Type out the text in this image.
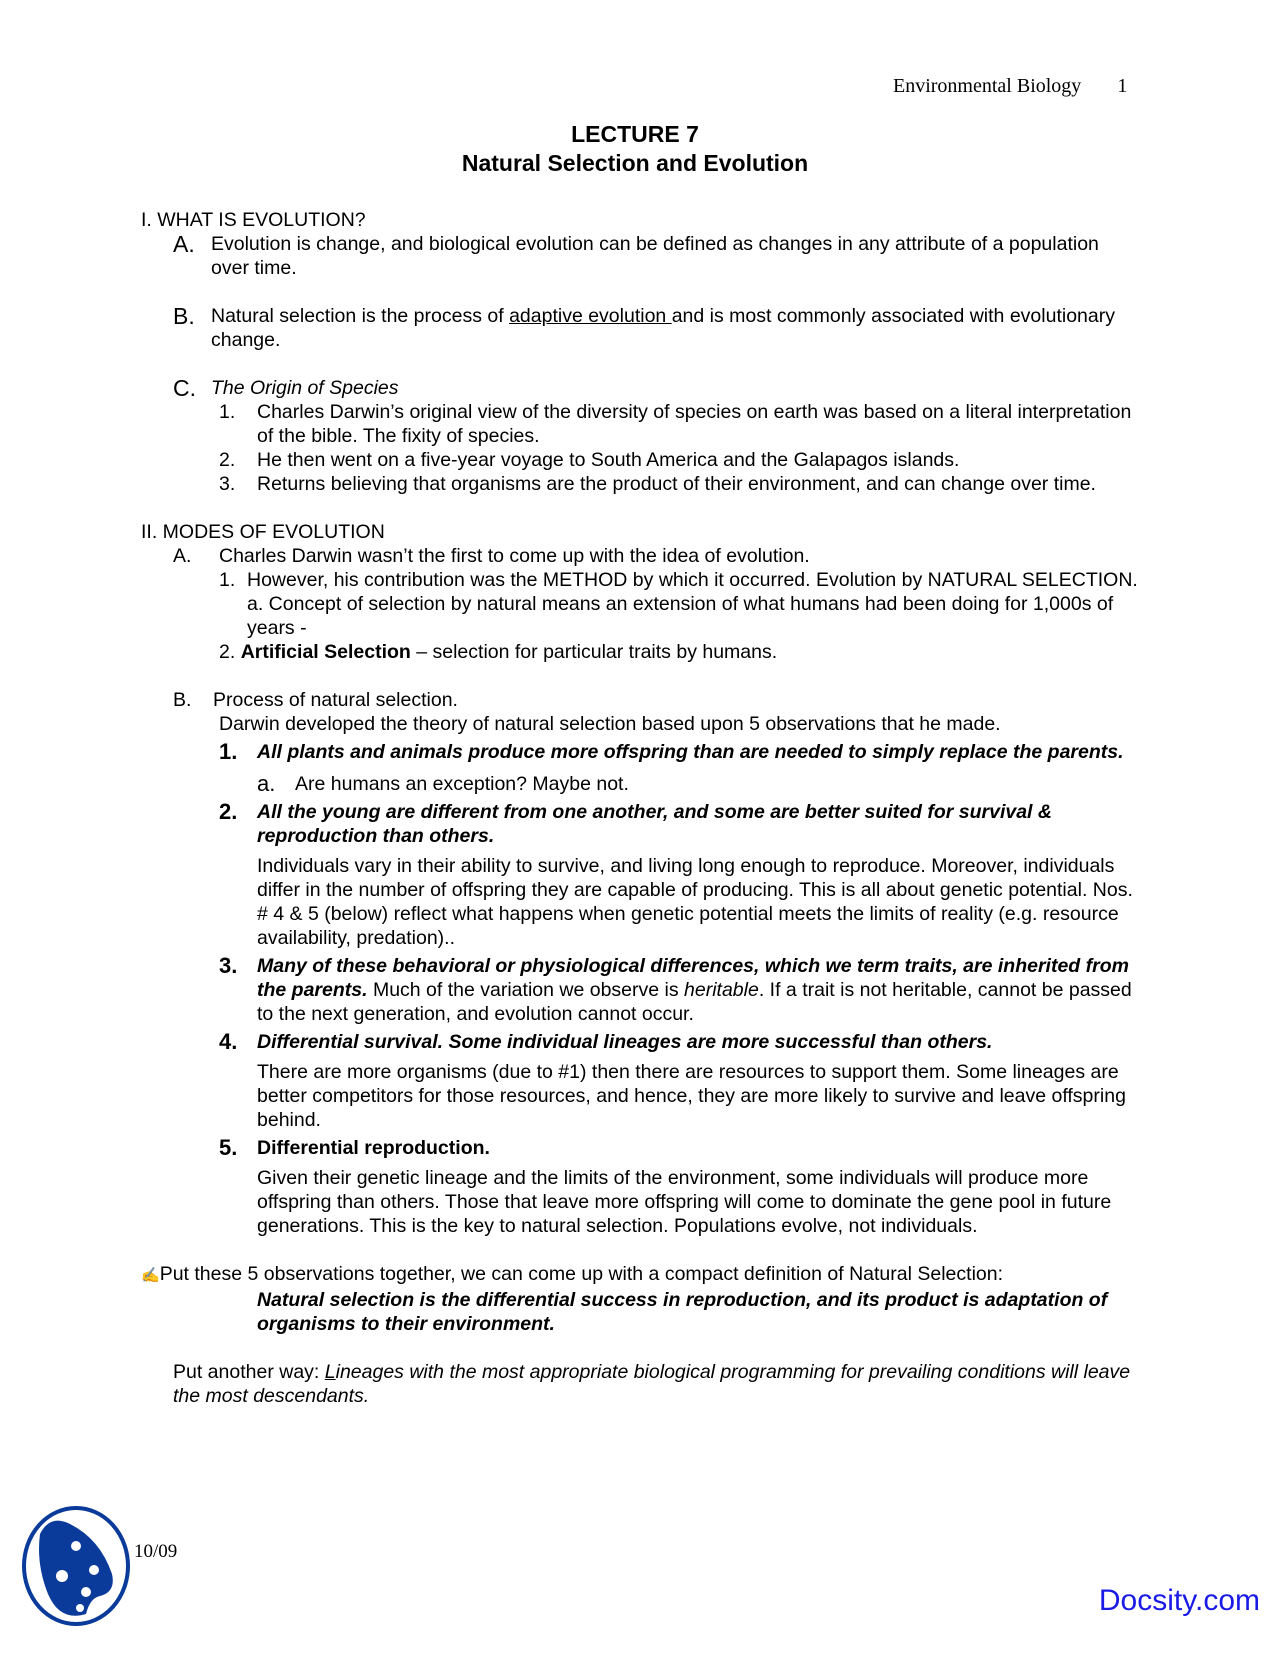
Environmental Biology 1
LECTURE 7
Natural Selection and Evolution
I. WHAT IS EVOLUTION?
A. Evolution is change, and biological evolution can be defined as changes in any attribute of a population over time.
B. Natural selection is the process of adaptive evolution and is most commonly associated with evolutionary change.
C. The Origin of Species
1.	Charles Darwin’s original view of the diversity of species on earth was based on a literal interpretation of the bible. The fixity of species.
2.	He then went on a five-year voyage to South America and the Galapagos islands.
3.	Returns believing that organisms are the product of their environment, and can change over time.
II. MODES OF EVOLUTION
A.	Charles Darwin wasn’t the first to come up with the idea of evolution.
1. However, his contribution was the METHOD by which it occurred. Evolution by NATURAL SELECTION.
a. Concept of selection by natural means an extension of what humans had been doing for 1,000s of years -
2. Artificial Selection – selection for particular traits by humans.
B.	Process of natural selection.
Darwin developed the theory of natural selection based upon 5 observations that he made.
1.	All plants and animals produce more offspring than are needed to simply replace the parents.
a.	Are humans an exception? Maybe not.
2.	All the young are different from one another, and some are better suited for survival & reproduction than others.
Individuals vary in their ability to survive, and living long enough to reproduce. Moreover, individuals differ in the number of offspring they are capable of producing. This is all about genetic potential. Nos. # 4 & 5 (below) reflect what happens when genetic potential meets the limits of reality (e.g. resource availability, predation)..
3.	Many of these behavioral or physiological differences, which we term traits, are inherited from the parents. Much of the variation we observe is heritable. If a trait is not heritable, cannot be passed to the next generation, and evolution cannot occur.
4.	Differential survival. Some individual lineages are more successful than others.
There are more organisms (due to #1) then there are resources to support them. Some lineages are better competitors for those resources, and hence, they are more likely to survive and leave offspring behind.
5.	Differential reproduction.
Given their genetic lineage and the limits of the environment, some individuals will produce more offspring than others. Those that leave more offspring will come to dominate the gene pool in future generations. This is the key to natural selection. Populations evolve, not individuals.
✍Put these 5 observations together, we can come up with a compact definition of Natural Selection:
Natural selection is the differential success in reproduction, and its product is adaptation of organisms to their environment.
Put another way: Lineages with the most appropriate biological programming for prevailing conditions will leave the most descendants.
10/09
Docsity.com
